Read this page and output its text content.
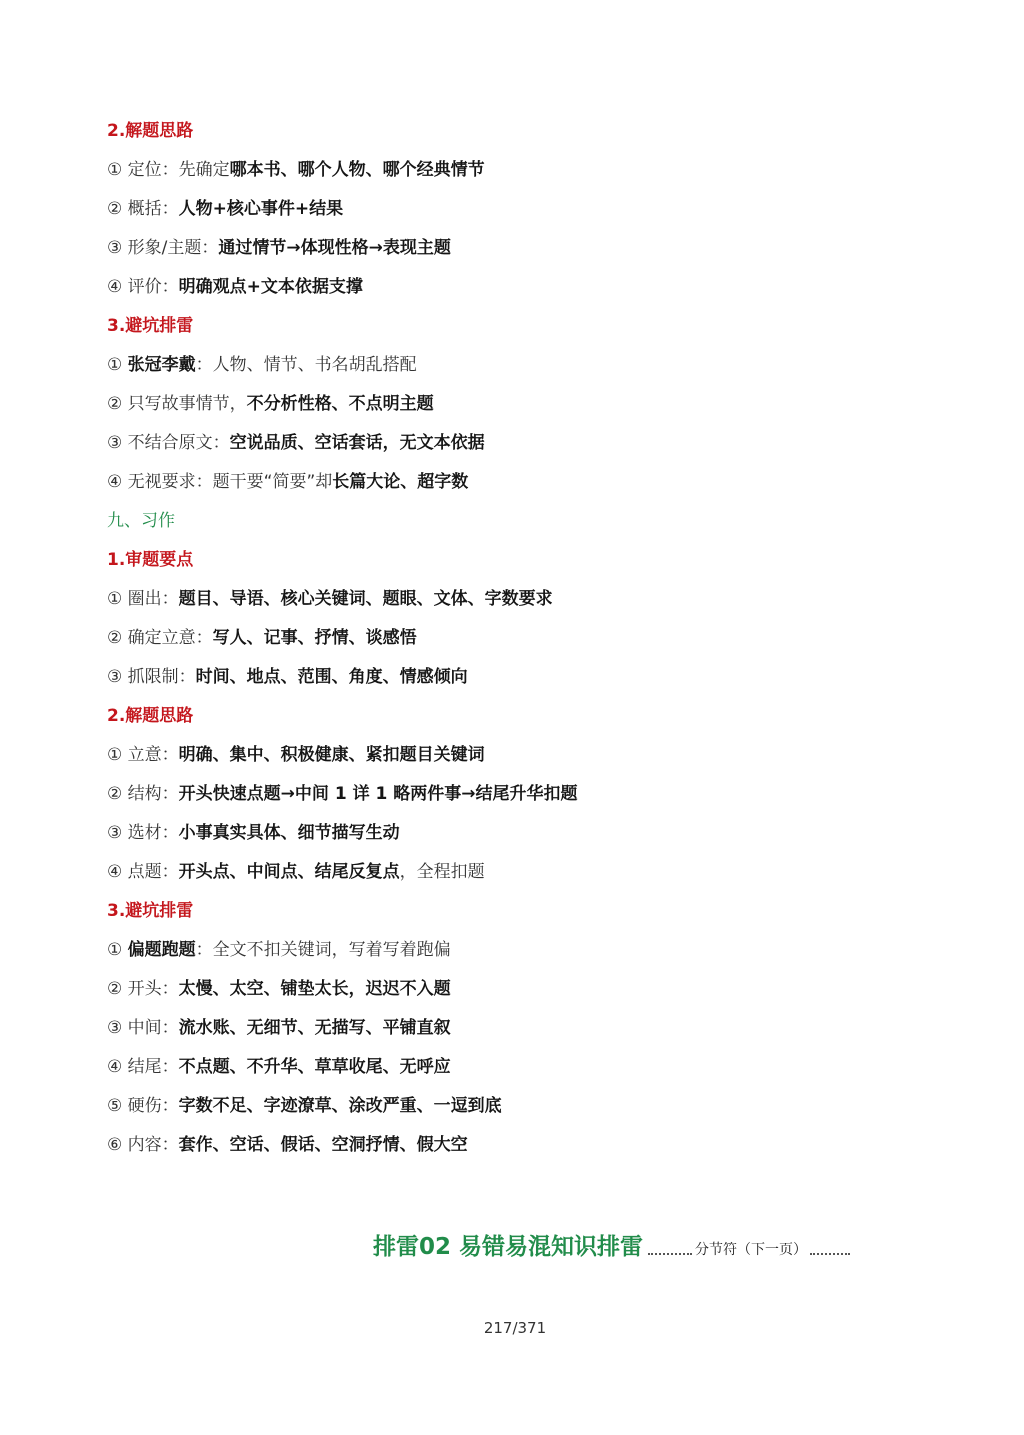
2.解题思路
① 定位：先确定哪本书、哪个人物、哪个经典情节
② 概括：人物+核心事件+结果
③ 形象/主题：通过情节→体现性格→表现主题
④ 评价：明确观点+文本依据支撑
3.避坑排雷
① 张冠李戴：人物、情节、书名胡乱搭配
② 只写故事情节，不分析性格、不点明主题
③ 不结合原文：空说品质、空话套话，无文本依据
④ 无视要求：题干要“简要”却长篇大论、超字数
九、习作
1.审题要点
① 圈出：题目、导语、核心关键词、题眼、文体、字数要求
② 确定立意：写人、记事、抒情、谈感悟
③ 抓限制：时间、地点、范围、角度、情感倾向
2.解题思路
① 立意：明确、集中、积极健康、紧扣题目关键词
② 结构：开头快速点题→中间 1 详 1 略两件事→结尾升华扣题
③ 选材：小事真实具体、细节描写生动
④ 点题：开头点、中间点、结尾反复点，全程扣题
3.避坑排雷
① 偏题跑题：全文不扣关键词，写着写着跑偏
② 开头：太慢、太空、铺垫太长，迟迟不入题
③ 中间：流水账、无细节、无描写、平铺直叙
④ 结尾：不点题、不升华、草草收尾、无呼应
⑤ 硬伤：字数不足、字迹潦草、涂改严重、一逗到底
⑥ 内容：套作、空话、假话、空洞抒情、假大空
排雷02 易错易混知识排雷	分节符（下一页）
217/371
